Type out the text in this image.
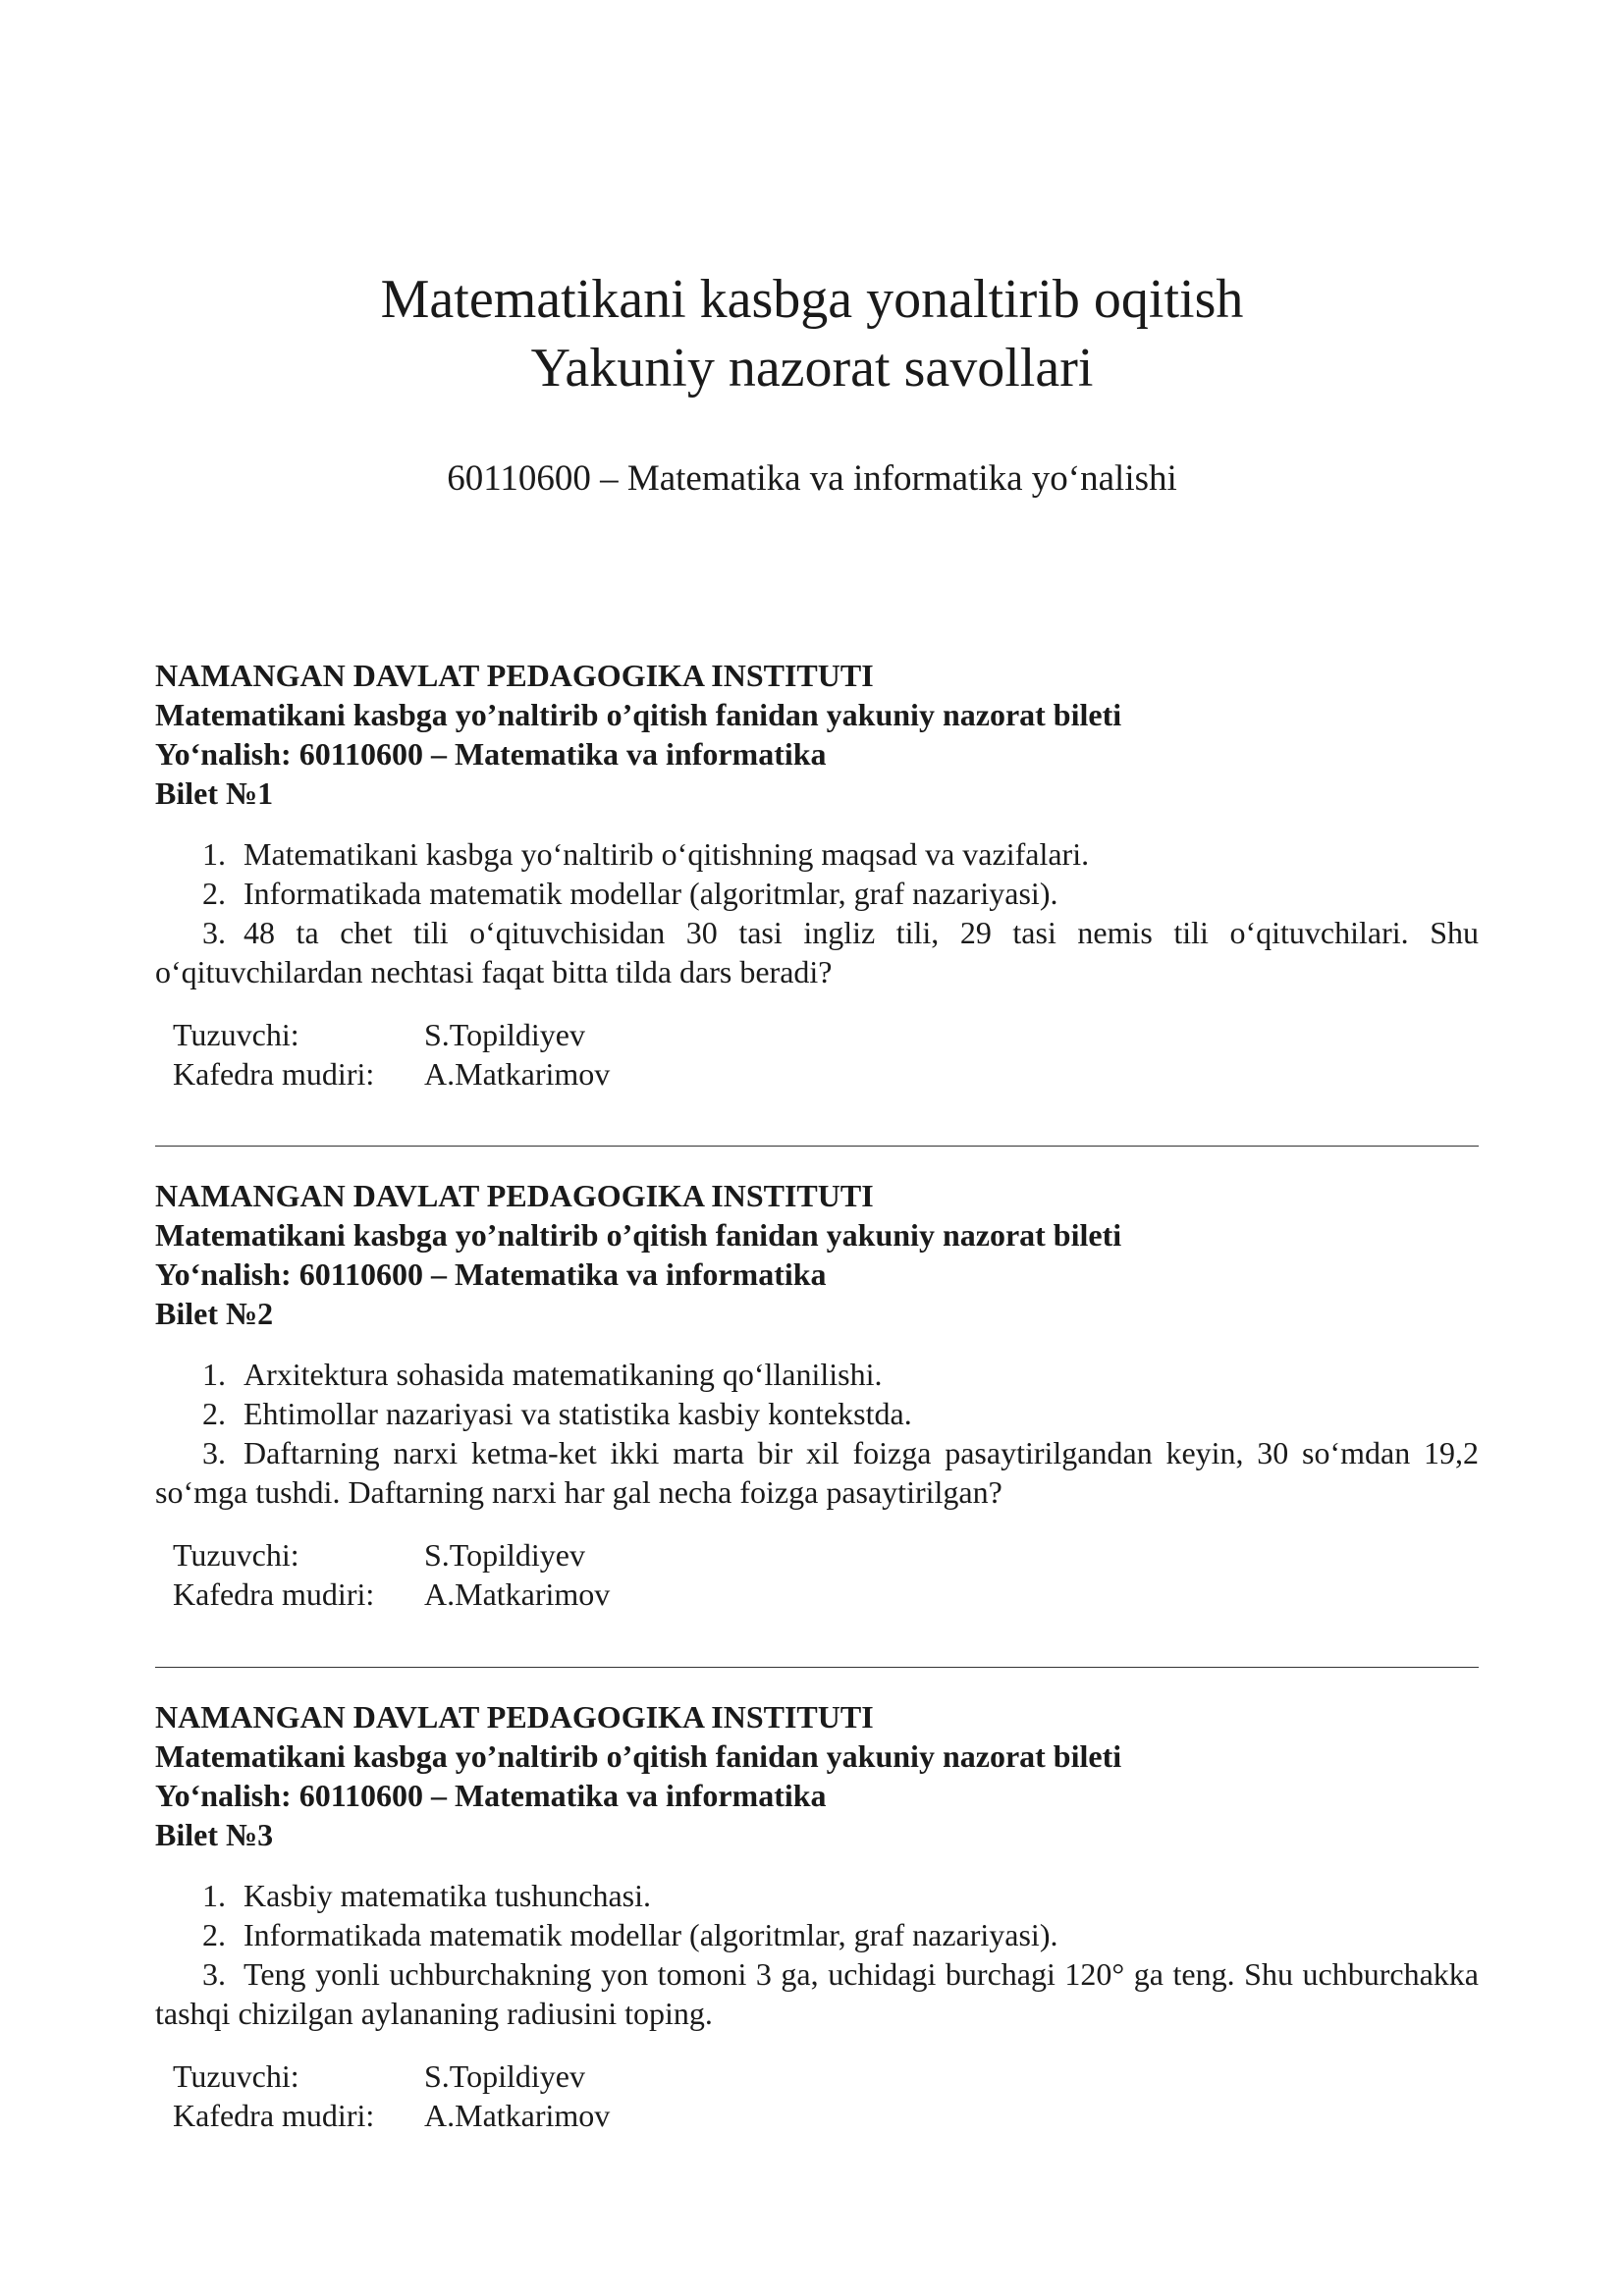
Matematikani kasbga yonaltirib oqitish
Yakuniy nazorat savollari
60110600 – Matematika va informatika yo‘nalishi
NAMANGAN DAVLAT PEDAGOGIKA INSTITUTI
Matematikani kasbga yo’naltirib o’qitish fanidan yakuniy nazorat bileti
Yo‘nalish: 60110600 – Matematika va informatika
Bilet №1
1. Matematikani kasbga yo‘naltirib o‘qitishning maqsad va vazifalari.
2. Informatikada matematik modellar (algoritmlar, graf nazariyasi).
3. 48 ta chet tili o‘qituvchisidan 30 tasi ingliz tili, 29 tasi nemis tili o‘qituvchilari. Shu o‘qituvchilardan nechtasi faqat bitta tilda dars beradi?
Tuzuvchi:	S.Topildiyev
Kafedra mudiri:	A.Matkarimov
NAMANGAN DAVLAT PEDAGOGIKA INSTITUTI
Matematikani kasbga yo’naltirib o’qitish fanidan yakuniy nazorat bileti
Yo‘nalish: 60110600 – Matematika va informatika
Bilet №2
1. Arxitektura sohasida matematikaning qo‘llanilishi.
2. Ehtimollar nazariyasi va statistika kasbiy kontekstda.
3. Daftarning narxi ketma-ket ikki marta bir xil foizga pasaytirilgandan keyin, 30 so‘mdan 19,2 so‘mga tushdi. Daftarning narxi har gal necha foizga pasaytirilgan?
Tuzuvchi:	S.Topildiyev
Kafedra mudiri:	A.Matkarimov
NAMANGAN DAVLAT PEDAGOGIKA INSTITUTI
Matematikani kasbga yo’naltirib o’qitish fanidan yakuniy nazorat bileti
Yo‘nalish: 60110600 – Matematika va informatika
Bilet №3
1. Kasbiy matematika tushunchasi.
2. Informatikada matematik modellar (algoritmlar, graf nazariyasi).
3. Teng yonli uchburchakning yon tomoni 3 ga, uchidagi burchagi 120° ga teng. Shu uchburchakka tashqi chizilgan aylananing radiusini toping.
Tuzuvchi:	S.Topildiyev
Kafedra mudiri:	A.Matkarimov
